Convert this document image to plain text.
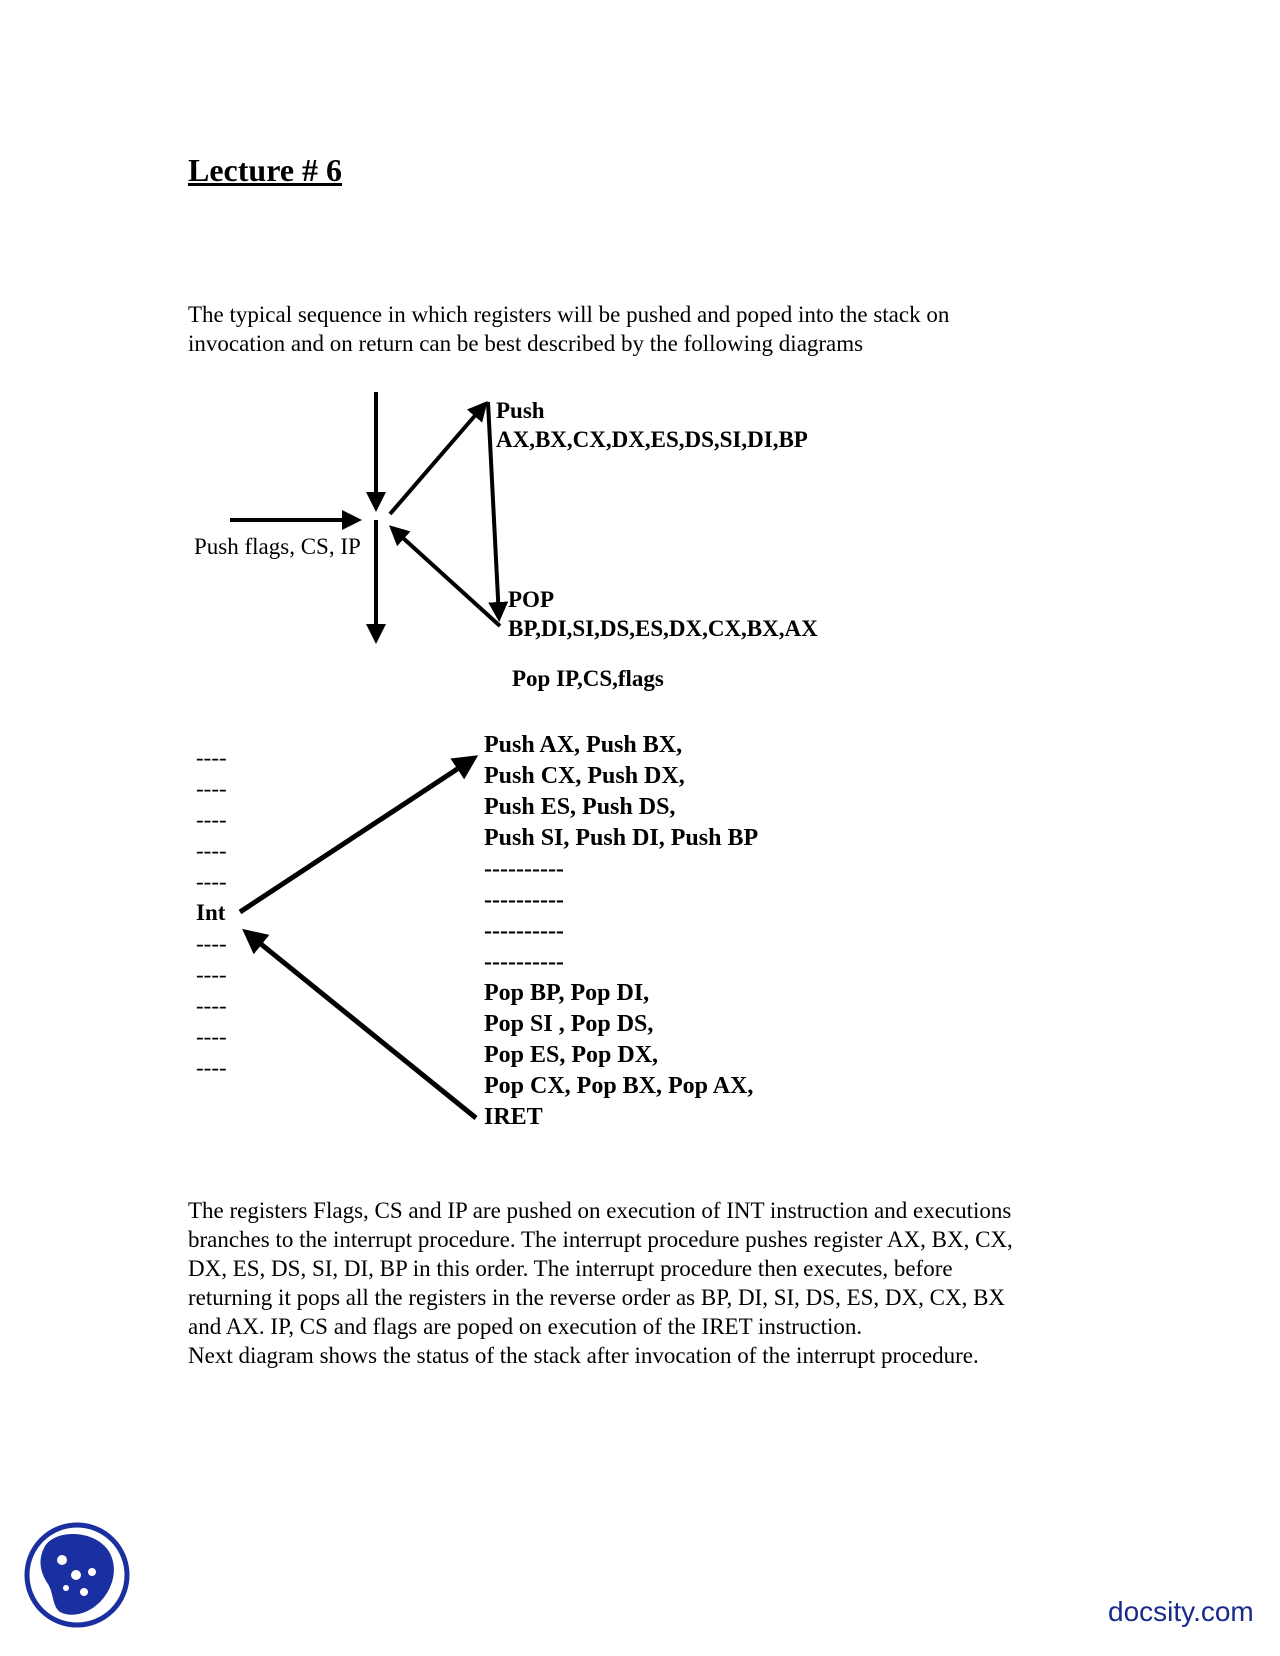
Lecture # 6
The typical sequence in which registers will be pushed and poped into the stack on
invocation and on return can be best described by the following diagrams
Push
AX,BX,CX,DX,ES,DS,SI,DI,BP
Push flags, CS, IP
POP
BP,DI,SI,DS,ES,DX,CX,BX,AX
Pop IP,CS,flags
----
----
----
----
----
Int
----
----
----
----
----
Push AX, Push BX,
Push CX, Push DX,
Push ES, Push DS,
Push SI, Push DI, Push BP
----------
----------
----------
----------
Pop BP, Pop DI,
Pop SI , Pop DS,
Pop ES, Pop DX,
Pop CX, Pop BX, Pop AX,
IRET
The registers Flags, CS and IP are pushed on execution of INT instruction and executions
branches to the interrupt procedure. The interrupt procedure pushes register AX, BX, CX,
DX, ES, DS, SI, DI, BP in this order. The interrupt procedure then executes, before
returning it pops all the registers in the reverse order as BP, DI, SI, DS, ES, DX, CX, BX
and AX. IP, CS and flags are poped on execution of the IRET instruction.
Next diagram shows the status of the stack after invocation of the interrupt procedure.
docsity.com
